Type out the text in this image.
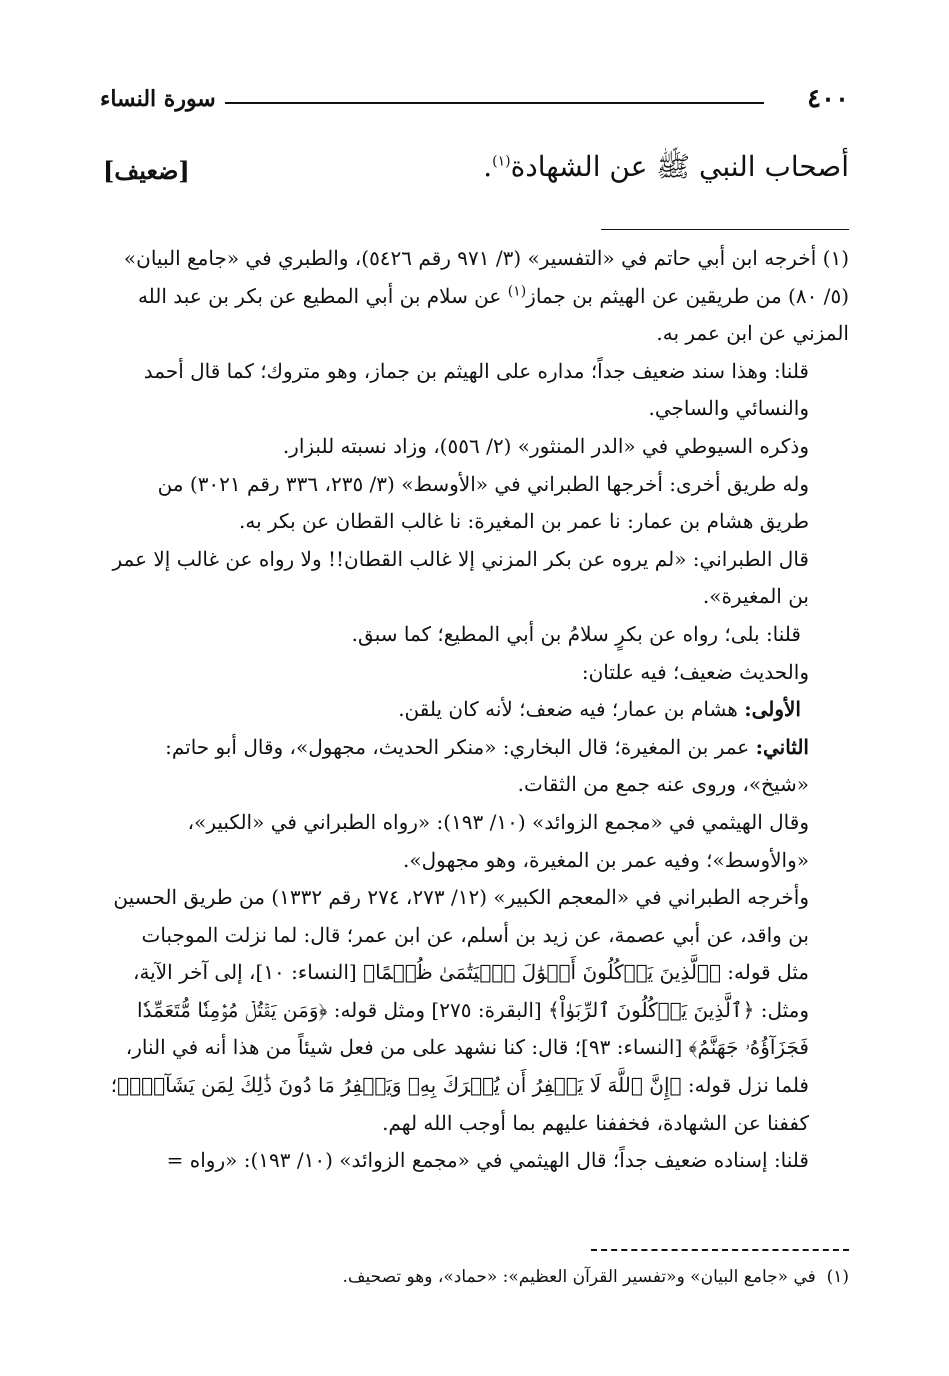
٤٠٠
سورة النساء
أصحاب النبي ﷺ عن الشهادة$^{(١)}$.
[ضعيف]

(١) أخرجه ابن أبي حاتم في «التفسير» (٣/ ٩٧١ رقم ٥٤٢٦)، والطبري في «جامع البيان» (٥/ ٨٠) من طريقين عن الهيثم بن جماز$^{(١)}$ عن سلام بن أبي المطيع عن بكر بن عبد الله المزني عن ابن عمر به.

قلنا: وهذا سند ضعيف جداً؛ مداره على الهيثم بن جماز، وهو متروك؛ كما قال أحمد والنسائي والساجي.

وذكره السيوطي في «الدر المنثور» (٢/ ٥٥٦)، وزاد نسبته للبزار.

وله طريق أخرى: أخرجها الطبراني في «الأوسط» (٣/ ٢٣٥، ٣٣٦ رقم ٣٠٢١) من طريق هشام بن عمار: نا عمر بن المغيرة: نا غالب القطان عن بكر به.

قال الطبراني: «لم يروه عن بكر المزني إلا غالب القطان!! ولا رواه عن غالب إلا عمر بن المغيرة».

قلنا: بلى؛ رواه عن بكرٍ سلامُ بن أبي المطيع؛ كما سبق.

والحديث ضعيف؛ فيه علتان:

الأولى: هشام بن عمار؛ فيه ضعف؛ لأنه كان يلقن.

الثاني: عمر بن المغيرة؛ قال البخاري: «منكر الحديث، مجهول»، وقال أبو حاتم: «شيخ»، وروى عنه جمع من الثقات.

وقال الهيثمي في «مجمع الزوائد» (١٠/ ١٩٣): «رواه الطبراني في «الكبير»، «والأوسط»؛ وفيه عمر بن المغيرة، وهو مجهول».

وأخرجه الطبراني في «المعجم الكبير» (١٢/ ٢٧٣، ٢٧٤ رقم ١٣٣٢) من طريق الحسين بن واقد، عن أبي عصمة، عن زيد بن أسلم، عن ابن عمر؛ قال: لما نزلت الموجبات مثل قوله: ﴿ٱلَّذِينَ يَأۡكُلُونَ أَمۡوَٰلَ ٱلۡيَتَٰمَىٰ ظُلۡمًا﴾ [النساء: ١٠]، إلى آخر الآية، ومثل: ﴿ٱلَّذِينَ يَأۡكُلُونَ ٱلرِّبَوٰاْ﴾ [البقرة: ٢٧٥] ومثل قوله: ﴿وَمَن يَقۡتُلۡ مُؤۡمِنٗا مُّتَعَمِّدٗا فَجَزَآؤُهُۥ جَهَنَّمُ﴾ [النساء: ٩٣]؛ قال: كنا نشهد على من فعل شيئاً من هذا أنه في النار، فلما نزل قوله: ﴿إِنَّ ٱللَّهَ لَا يَغۡفِرُ أَن يُشۡرَكَ بِهِۦ وَيَغۡفِرُ مَا دُونَ ذَٰلِكَ لِمَن يَشَآءُۚ﴾؛ كففنا عن الشهادة، فخففنا عليهم بما أوجب الله لهم.

قلنا: إسناده ضعيف جداً؛ قال الهيثمي في «مجمع الزوائد» (١٠/ ١٩٣): «رواه =

(١)  في «جامع البيان» و«تفسير القرآن العظيم»: «حماد»، وهو تصحيف.
